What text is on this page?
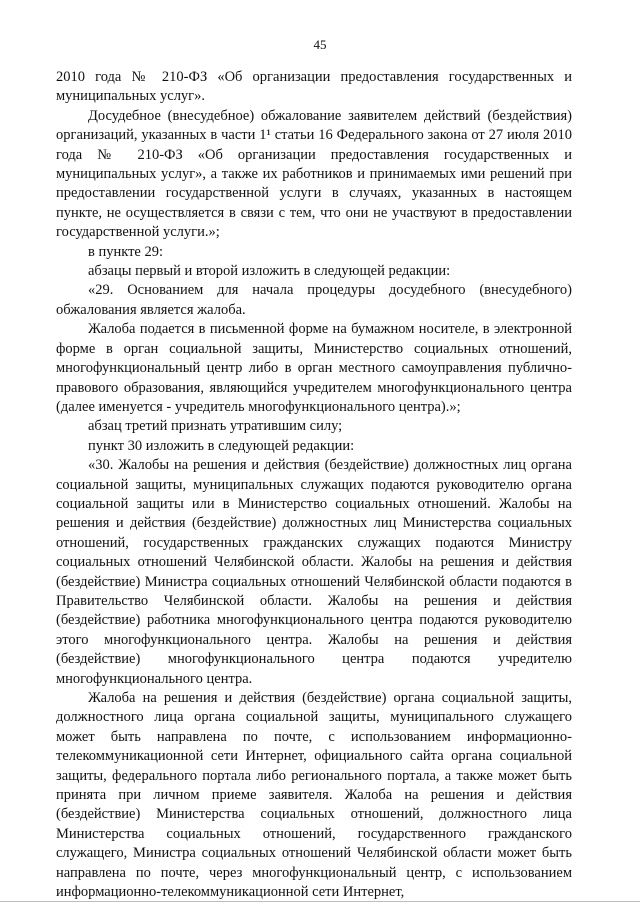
45

2010 года № 210-ФЗ «Об организации предоставления государственных и муниципальных услуг».

Досудебное (внесудебное) обжалование заявителем действий (бездействия) организаций, указанных в части 1¹ статьи 16 Федерального закона от 27 июля 2010 года № 210-ФЗ «Об организации предоставления государственных и муниципальных услуг», а также их работников и принимаемых ими решений при предоставлении государственной услуги в случаях, указанных в настоящем пункте, не осуществляется в связи с тем, что они не участвуют в предоставлении государственной услуги.»;

в пункте 29:

абзацы первый и второй изложить в следующей редакции:

«29. Основанием для начала процедуры досудебного (внесудебного) обжалования является жалоба.

Жалоба подается в письменной форме на бумажном носителе, в электронной форме в орган социальной защиты, Министерство социальных отношений, многофункциональный центр либо в орган местного самоуправления публично-правового образования, являющийся учредителем многофункционального центра (далее именуется - учредитель многофункционального центра).»;

абзац третий признать утратившим силу;

пункт 30 изложить в следующей редакции:

«30. Жалобы на решения и действия (бездействие) должностных лиц органа социальной защиты, муниципальных служащих подаются руководителю органа социальной защиты или в Министерство социальных отношений. Жалобы на решения и действия (бездействие) должностных лиц Министерства социальных отношений, государственных гражданских служащих подаются Министру социальных отношений Челябинской области. Жалобы на решения и действия (бездействие) Министра социальных отношений Челябинской области подаются в Правительство Челябинской области. Жалобы на решения и действия (бездействие) работника многофункционального центра подаются руководителю этого многофункционального центра. Жалобы на решения и действия (бездействие) многофункционального центра подаются учредителю многофункционального центра.

Жалоба на решения и действия (бездействие) органа социальной защиты, должностного лица органа социальной защиты, муниципального служащего может быть направлена по почте, с использованием информационно-телекоммуникационной сети Интернет, официального сайта органа социальной защиты, федерального портала либо регионального портала, а также может быть принята при личном приеме заявителя. Жалоба на решения и действия (бездействие) Министерства социальных отношений, должностного лица Министерства социальных отношений, государственного гражданского служащего, Министра социальных отношений Челябинской области может быть направлена по почте, через многофункциональный центр, с использованием информационно-телекоммуникационной сети Интернет,
